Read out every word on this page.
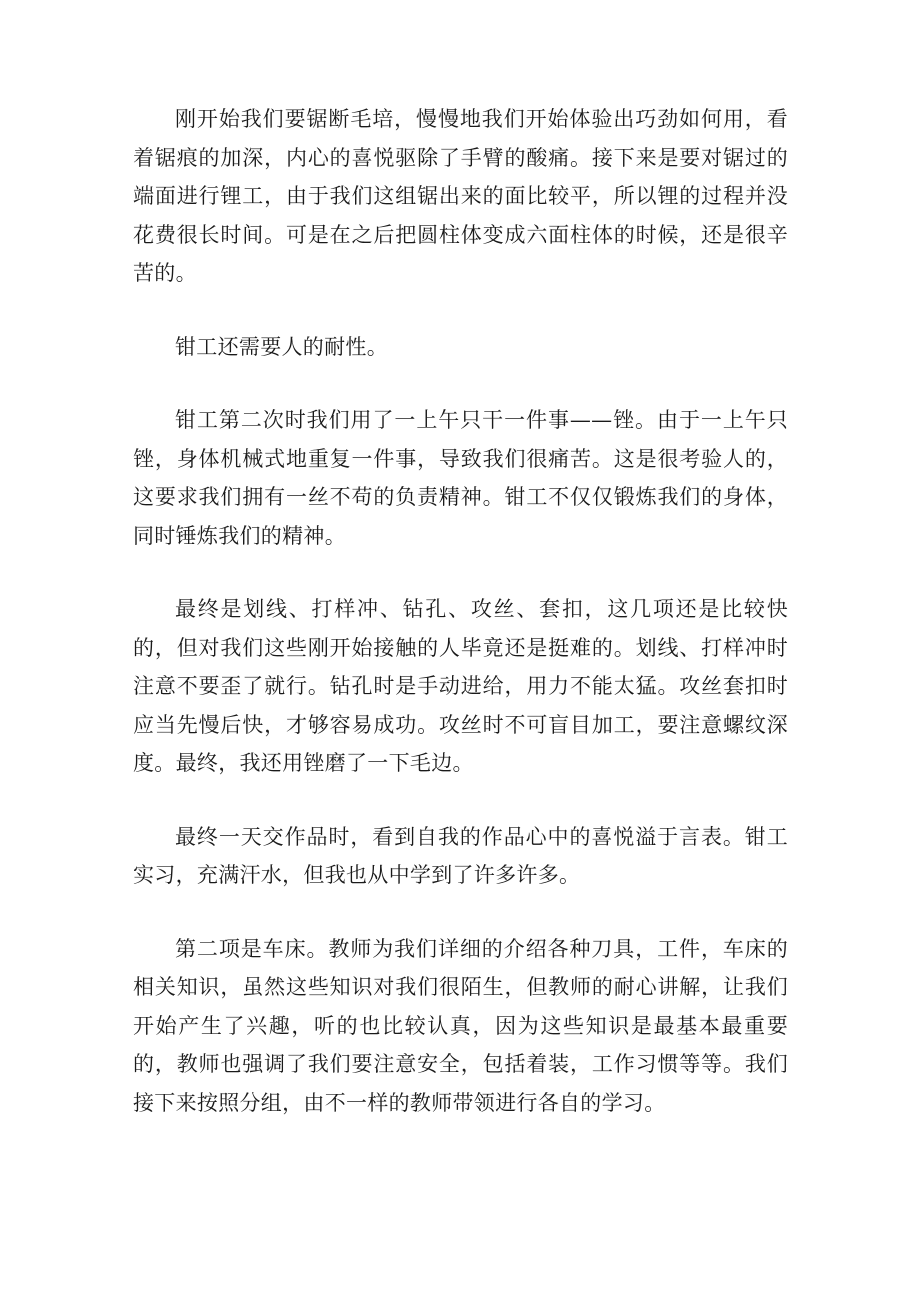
刚开始我们要锯断毛培，慢慢地我们开始体验出巧劲如何用，看着锯痕的加深，内心的喜悦驱除了手臂的酸痛。接下来是要对锯过的端面进行锂工，由于我们这组锯出来的面比较平，所以锂的过程并没花费很长时间。可是在之后把圆柱体变成六面柱体的时候，还是很辛苦的。

钳工还需要人的耐性。

钳工第二次时我们用了一上午只干一件事——锉。由于一上午只锉，身体机械式地重复一件事，导致我们很痛苦。这是很考验人的，这要求我们拥有一丝不苟的负责精神。钳工不仅仅锻炼我们的身体，同时锤炼我们的精神。

最终是划线、打样冲、钻孔、攻丝、套扣，这几项还是比较快的，但对我们这些刚开始接触的人毕竟还是挺难的。划线、打样冲时注意不要歪了就行。钻孔时是手动进给，用力不能太猛。攻丝套扣时应当先慢后快，才够容易成功。攻丝时不可盲目加工，要注意螺纹深度。最终，我还用锉磨了一下毛边。

最终一天交作品时，看到自我的作品心中的喜悦溢于言表。钳工实习，充满汗水，但我也从中学到了许多许多。

第二项是车床。教师为我们详细的介绍各种刀具，工件，车床的相关知识，虽然这些知识对我们很陌生，但教师的耐心讲解，让我们开始产生了兴趣，听的也比较认真，因为这些知识是最基本最重要的，教师也强调了我们要注意安全，包括着装，工作习惯等等。我们接下来按照分组，由不一样的教师带领进行各自的学习。
